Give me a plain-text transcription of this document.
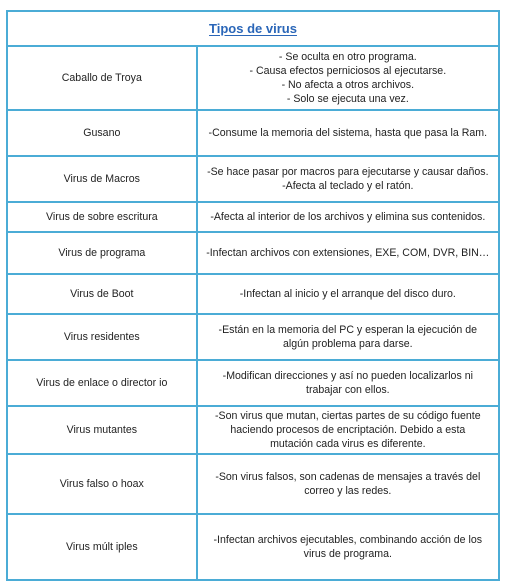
Tipos de virus	
Caballo de Troya	- Se oculta en otro programa.
- Causa efectos perniciosos al ejecutarse.
- No afecta a otros archivos.
- Solo se ejecuta una vez.

Gusano	-Consume la memoria del sistema, hasta que pasa la Ram.

Virus de Macros	-Se hace pasar por macros para ejecutarse y causar daños.
-Afecta al teclado y el ratón.

Virus de sobre escritura	-Afecta al interior de los archivos y elimina sus contenidos.

Virus de programa	-Infectan archivos con extensiones, EXE, COM, DVR, BIN…

Virus de Boot	-Infectan al inicio y el arranque del disco duro.

Virus residentes	-Están en la memoria del PC y esperan la ejecución de
algún problema para darse.

Virus de enlace o director io	-Modifican direcciones y así no pueden localizarlos ni
trabajar con ellos.

Virus mutantes	-Son virus que mutan, ciertas partes de su código fuente
haciendo procesos de encriptación. Debido a esta
mutación cada virus es diferente.

Virus falso o hoax	-Son virus falsos, son cadenas de mensajes a través del
correo y las redes.

Virus múlt iples	-Infectan archivos ejecutables, combinando acción de los
virus de programa.
